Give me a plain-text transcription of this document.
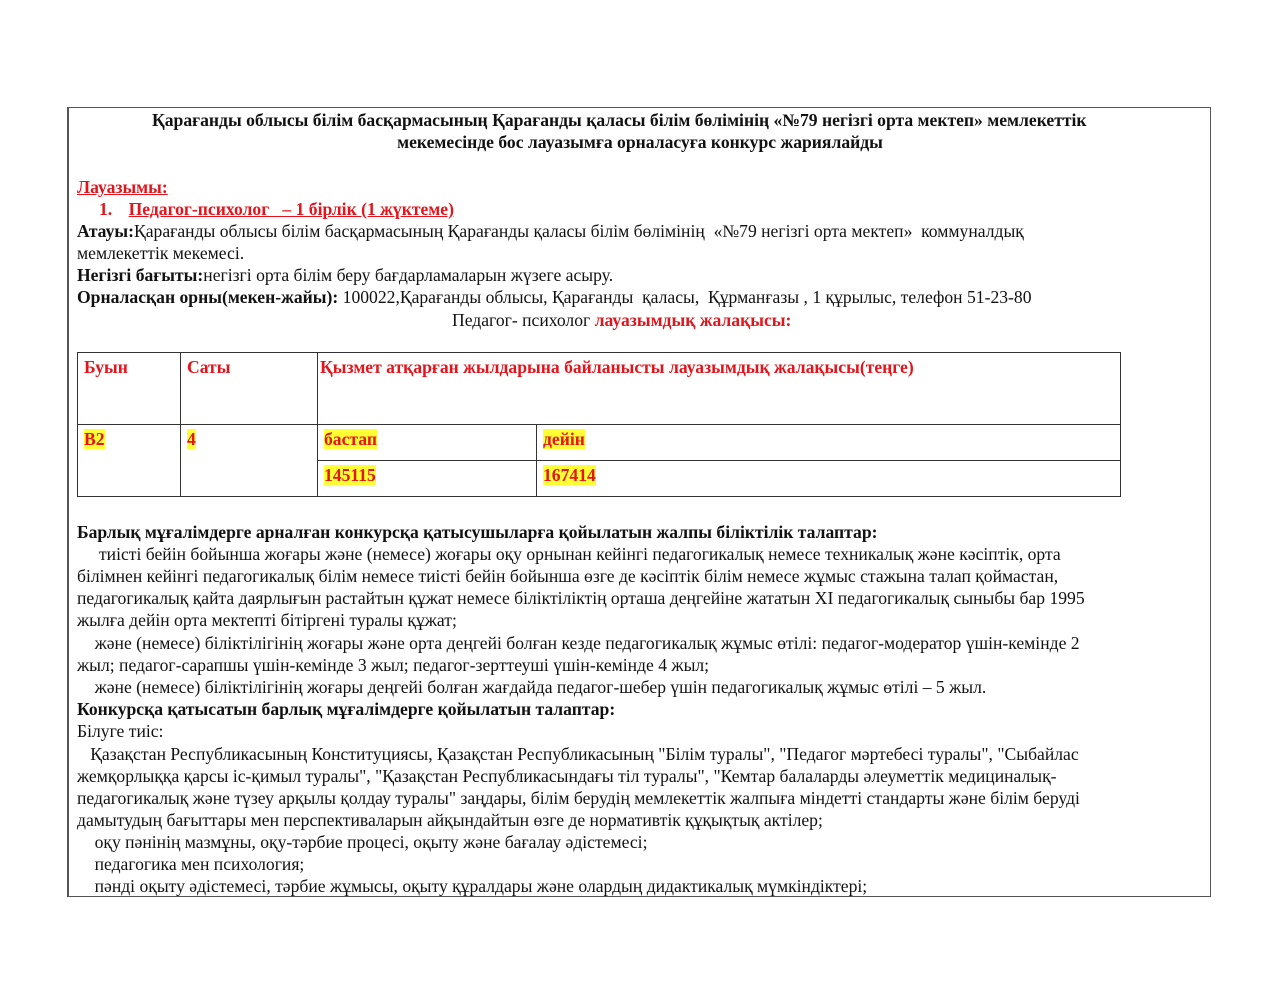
Қарағанды облысы білім басқармасының Қарағанды қаласы білім бөлімінің «№79 негізгі орта мектеп» мемлекеттік
мекемесінде бос лауазымға орналасуға конкурс жариялайды
Лауазымы:
1. Педагог-психолог   – 1 бірлік (1 жүктеме)
Атауы:Қарағанды облысы білім басқармасының Қарағанды қаласы білім бөлімінің  «№79 негізгі орта мектеп»  коммуналдық
мемлекеттік мекемесі.
Негізгі бағыты:негізгі орта білім беру бағдарламаларын жүзеге асыру.
Орналасқан орны(мекен-жайы): 100022,Қарағанды облысы, Қарағанды  қаласы,  Құрманғазы , 1 құрылыс, телефон 51-23-80
Педагог- психолог лауазымдық жалақысы:
Буын	Саты	Қызмет атқарған жылдарына байланысты лауазымдық жалақысы(теңге)	
В2	4	бастап	дейін
		145115	167414
Барлық мұғалімдерге арналған конкурсқа қатысушыларға қойылатын жалпы біліктілік талаптар:
тиісті бейін бойынша жоғары және (немесе) жоғары оқу орнынан кейінгі педагогикалық немесе техникалық және кәсіптік, орта
білімнен кейінгі педагогикалық білім немесе тиісті бейін бойынша өзге де кәсіптік білім немесе жұмыс стажына талап қоймастан,
педагогикалық қайта даярлығын растайтын құжат немесе біліктіліктің орташа деңгейіне жататын XI педагогикалық сыныбы бар 1995
жылға дейін орта мектепті бітіргені туралы құжат;
және (немесе) біліктілігінің жоғары және орта деңгейі болған кезде педагогикалық жұмыс өтілі: педагог-модератор үшін-кемінде 2
жыл; педагог-сарапшы үшін-кемінде 3 жыл; педагог-зерттеуші үшін-кемінде 4 жыл;
және (немесе) біліктілігінің жоғары деңгейі болған жағдайда педагог-шебер үшін педагогикалық жұмыс өтілі – 5 жыл.
Конкурсқа қатысатын барлық мұғалімдерге қойылатын талаптар:
Білуге тиіс:
Қазақстан Республикасының Конституциясы, Қазақстан Республикасының "Білім туралы", "Педагог мәртебесі туралы", "Сыбайлас
жемқорлыққа қарсы іс-қимыл туралы", "Қазақстан Республикасындағы тіл туралы", "Кемтар балаларды әлеуметтік медициналық-
педагогикалық және түзеу арқылы қолдау туралы" заңдары, білім берудің мемлекеттік жалпыға міндетті стандарты және білім беруді
дамытудың бағыттары мен перспективаларын айқындайтын өзге де нормативтік құқықтық актілер;
оқу пәнінің мазмұны, оқу-тәрбие процесі, оқыту және бағалау әдістемесі;
педагогика мен психология;
пәнді оқыту әдістемесі, тәрбие жұмысы, оқыту құралдары және олардың дидактикалық мүмкіндіктері;
